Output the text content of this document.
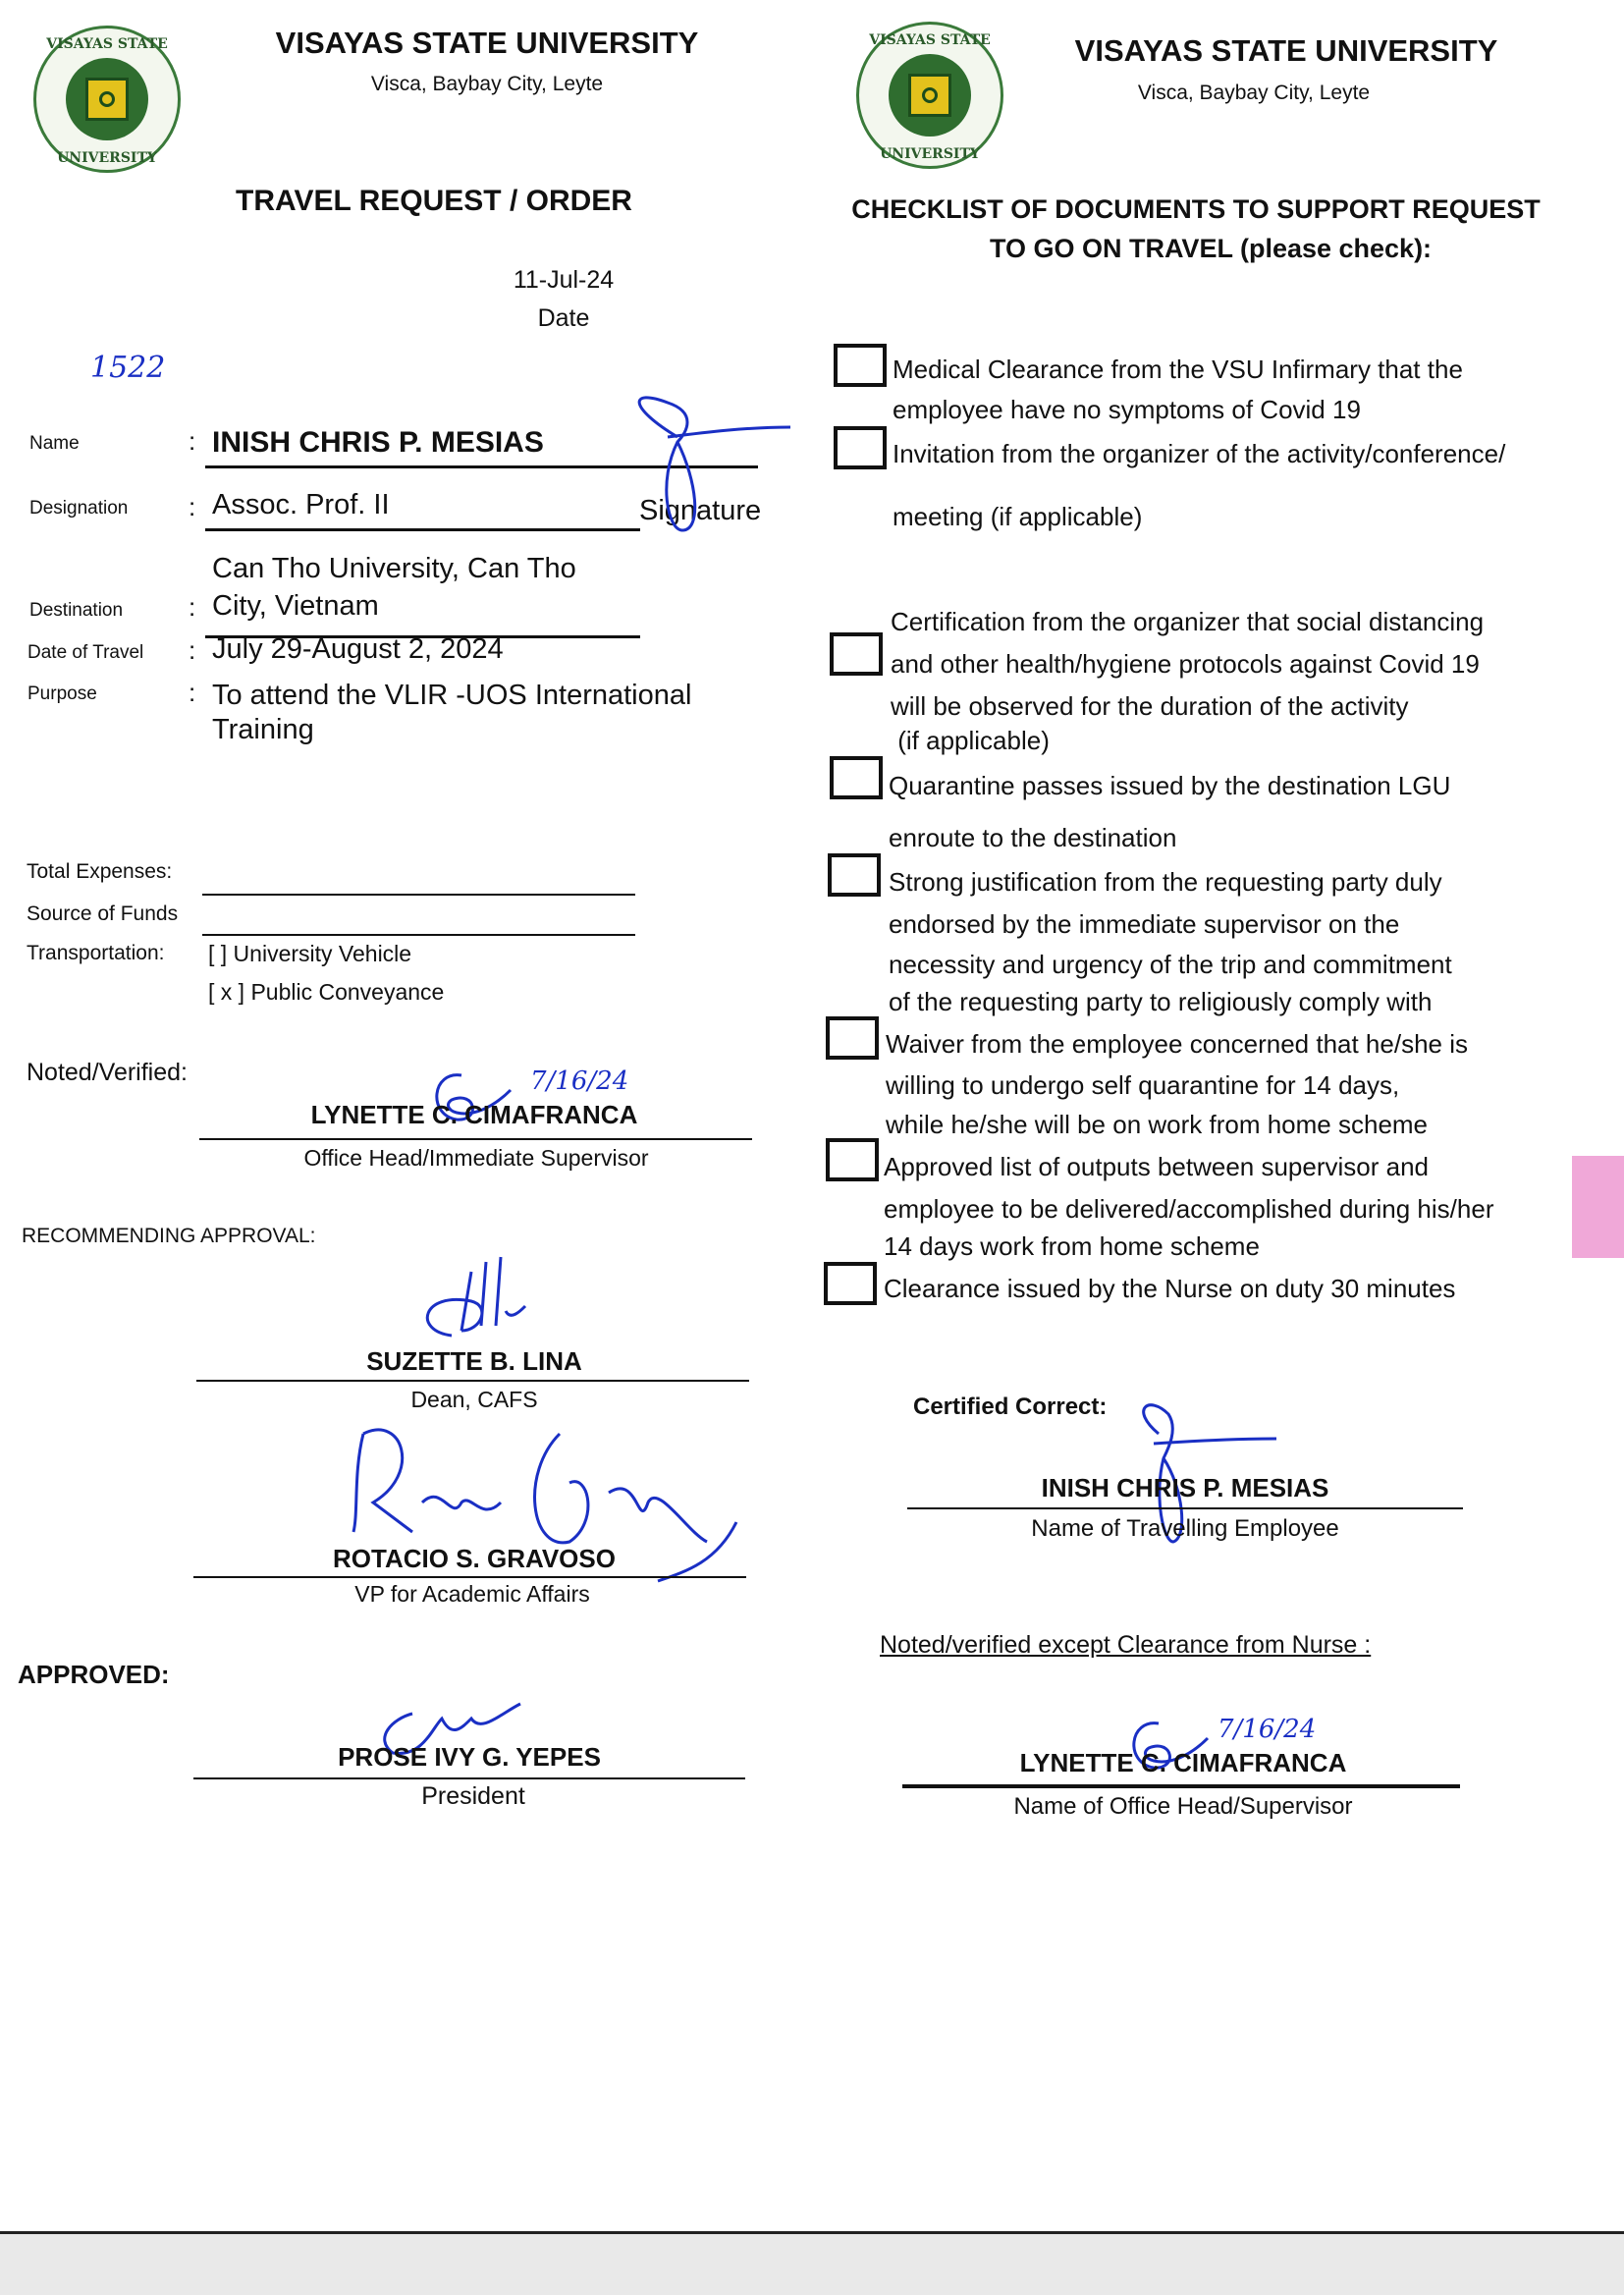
VISAYAS STATE
UNIVERSITY
VISAYAS STATE UNIVERSITY
Visca, Baybay City, Leyte
TRAVEL REQUEST / ORDER
11-Jul-24
Date
1522
Name	: INISH CHRIS P. MESIAS
Designation : Assoc. Prof. II	Signature
Can Tho University, Can Tho
Destination	: City, Vietnam
Date of Travel : July 29-August 2, 2024
Purpose	: To attend the VLIR -UOS International
Training
Total Expenses:
Source of Funds
Transportation: [ ] University Vehicle
[ x ] Public Conveyance
Noted/Verified:	7/16/24
LYNETTE C. CIMAFRANCA
Office Head/Immediate Supervisor
RECOMMENDING APPROVAL:
SUZETTE B. LINA
Dean, CAFS
ROTACIO S. GRAVOSO
VP for Academic Affairs
APPROVED:
PROSE IVY G. YEPES
President
VISAYAS STATE
UNIVERSITY
VISAYAS STATE UNIVERSITY
Visca, Baybay City, Leyte
CHECKLIST OF DOCUMENTS TO SUPPORT REQUEST
TO GO ON TRAVEL (please check):
Medical Clearance from the VSU Infirmary that the
employee have no symptoms of Covid 19
Invitation from the organizer of the activity/conference/
meeting (if applicable)
Certification from the organizer that social distancing
and other health/hygiene protocols against Covid 19
will be observed for the duration of the activity
(if applicable)
Quarantine passes issued by the destination LGU
enroute to the destination
Strong justification from the requesting party duly
endorsed by the immediate supervisor on the
necessity and urgency of the trip and commitment
of the requesting party to religiously comply with
Waiver from the employee concerned that he/she is
willing to undergo self quarantine for 14 days,
while he/she will be on work from home scheme
Approved list of outputs between supervisor and
employee to be delivered/accomplished during his/her
14 days work from home scheme
Clearance issued by the Nurse on duty 30 minutes
Certified Correct:
INISH CHRIS P. MESIAS
Name of Travelling Employee
Noted/verified except Clearance from Nurse :
7/16/24
LYNETTE C. CIMAFRANCA
Name of Office Head/Supervisor
